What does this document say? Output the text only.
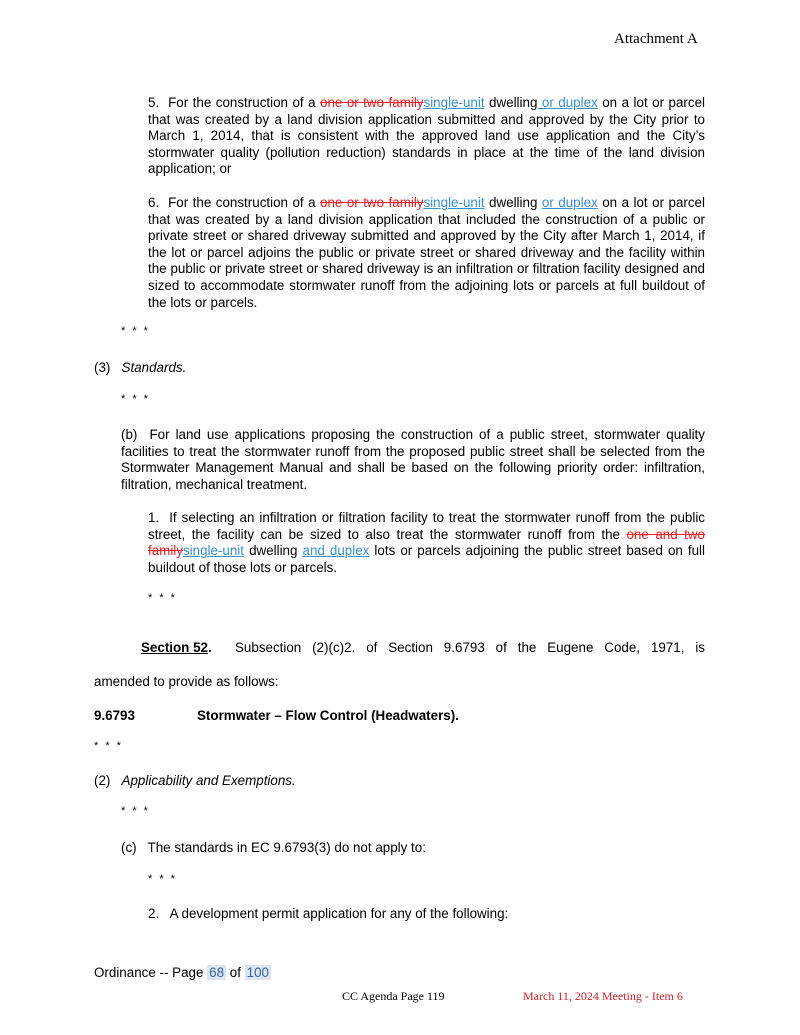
Attachment A
5. For the construction of a one or two familysingle-unit dwelling or duplex on a lot or parcel that was created by a land division application submitted and approved by the City prior to March 1, 2014, that is consistent with the approved land use application and the City’s stormwater quality (pollution reduction) standards in place at the time of the land division application; or
6. For the construction of a one or two familysingle-unit dwelling or duplex on a lot or parcel that was created by a land division application that included the construction of a public or private street or shared driveway submitted and approved by the City after March 1, 2014, if the lot or parcel adjoins the public or private street or shared driveway and the facility within the public or private street or shared driveway is an infiltration or filtration facility designed and sized to accommodate stormwater runoff from the adjoining lots or parcels at full buildout of the lots or parcels.
* * *
(3) Standards.
* * *
(b) For land use applications proposing the construction of a public street, stormwater quality facilities to treat the stormwater runoff from the proposed public street shall be selected from the Stormwater Management Manual and shall be based on the following priority order: infiltration, filtration, mechanical treatment.
1. If selecting an infiltration or filtration facility to treat the stormwater runoff from the public street, the facility can be sized to also treat the stormwater runoff from the one and two familysingle-unit dwelling and duplex lots or parcels adjoining the public street based on full buildout of those lots or parcels.
* * *
Section 52. Subsection (2)(c)2. of Section 9.6793 of the Eugene Code, 1971, is
amended to provide as follows:
9.6793	Stormwater – Flow Control (Headwaters).
* * *
(2) Applicability and Exemptions.
* * *
(c) The standards in EC 9.6793(3) do not apply to:
* * *
2. A development permit application for any of the following:
Ordinance -- Page 68 of 100
CC Agenda Page 119	March 11, 2024 Meeting - Item 6
